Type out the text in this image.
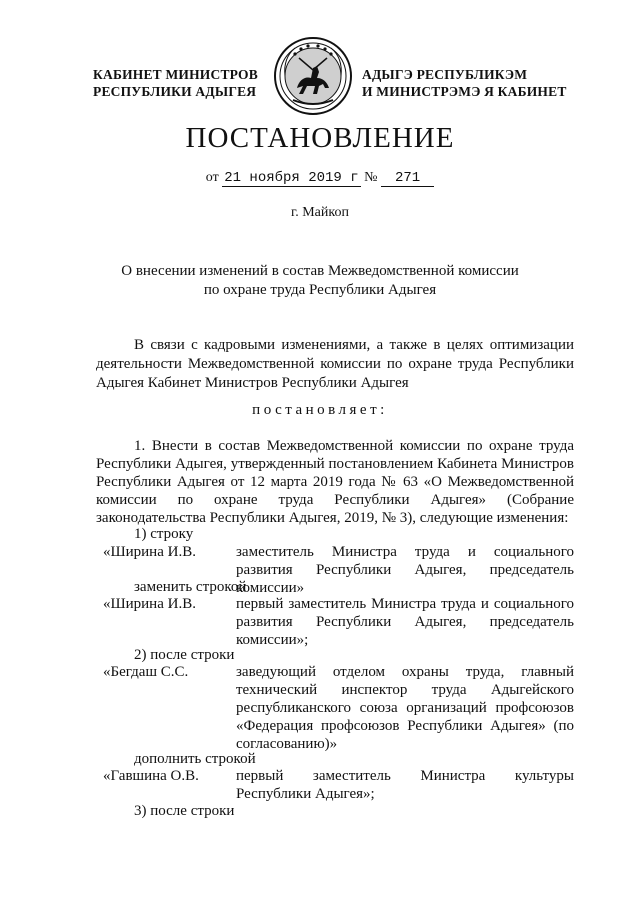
КАБИНЕТ МИНИСТРОВ
РЕСПУБЛИКИ АДЫГЕЯ
АДЫГЭ РЕСПУБЛИКЭМ
И МИНИСТРЭМЭ Я КАБИНЕТ
ПОСТАНОВЛЕНИЕ
от 21 ноября 2019 г № 271
г. Майкоп
О внесении изменений в состав Межведомственной комиссии
по охране труда Республики Адыгея
В связи с кадровыми изменениями, а также в целях оптимизации деятельности Межведомственной комиссии по охране труда Республики Адыгея Кабинет Министров Республики Адыгея
постановляет:
1. Внести в состав Межведомственной комиссии по охране труда Республики Адыгея, утвержденный постановлением Кабинета Министров Республики Адыгея от 12 марта 2019 года № 63 «О Межведомственной комиссии по охране труда Республики Адыгея» (Собрание законодательства Республики Адыгея, 2019, № 3), следующие изменения:
1) строку
«Ширина И.В.	заместитель Министра труда и социального развития Республики Адыгея, председатель комиссии»
заменить строкой
«Ширина И.В.	первый заместитель Министра труда и социального развития Республики Адыгея, председатель комиссии»;
2) после строки
«Бегдаш С.С.	заведующий отделом охраны труда, главный технический инспектор труда Адыгейского республиканского союза организаций профсоюзов «Федерация профсоюзов Республики Адыгея» (по согласованию)»
дополнить строкой
«Гавшина О.В. первый заместитель Министра культуры Республики Адыгея»;
3) после строки
